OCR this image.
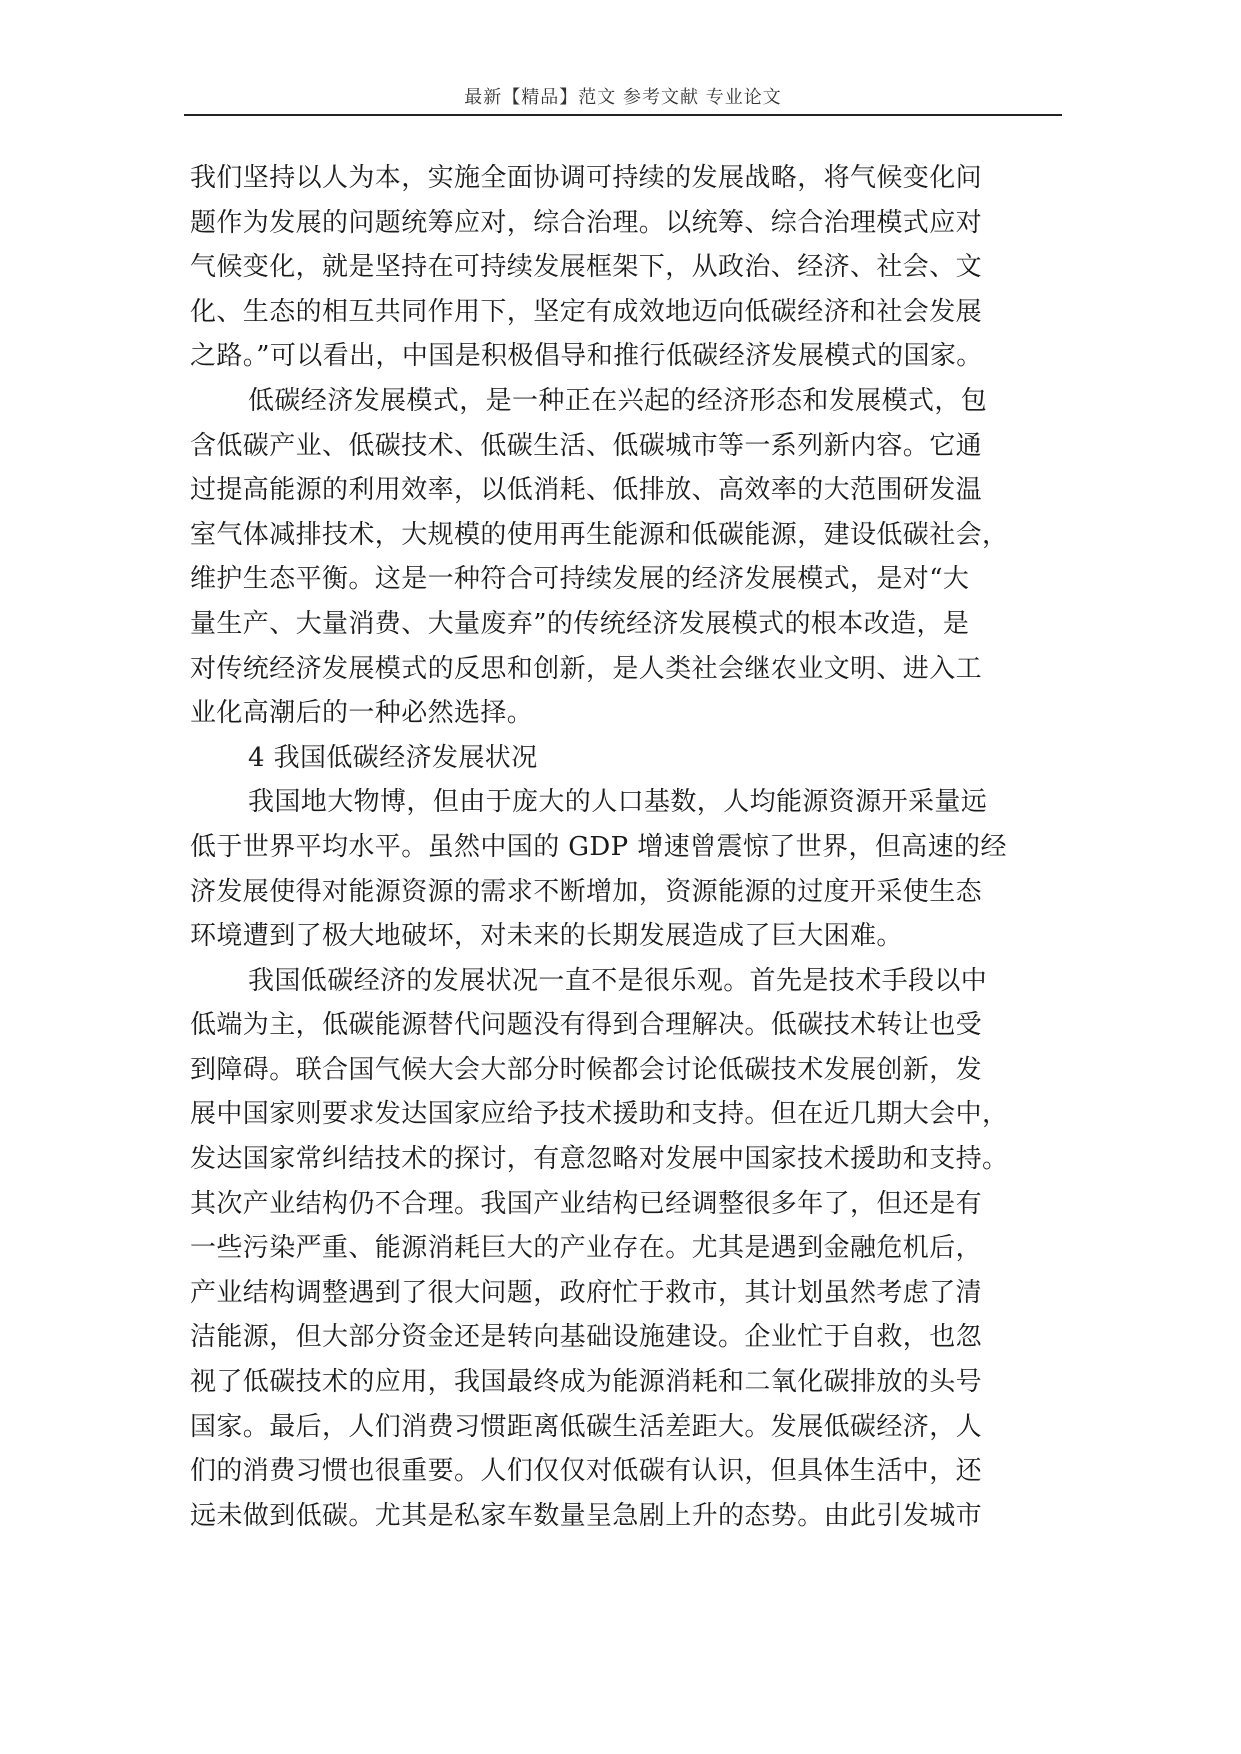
最新【精品】范文 参考文献 专业论文
我们坚持以人为本，实施全面协调可持续的发展战略，将气候变化问
题作为发展的问题统筹应对，综合治理。以统筹、综合治理模式应对
气候变化，就是坚持在可持续发展框架下，从政治、经济、社会、文
化、生态的相互共同作用下，坚定有成效地迈向低碳经济和社会发展
之路。”可以看出，中国是积极倡导和推行低碳经济发展模式的国家。
低碳经济发展模式，是一种正在兴起的经济形态和发展模式，包
含低碳产业、低碳技术、低碳生活、低碳城市等一系列新内容。它通
过提高能源的利用效率，以低消耗、低排放、高效率的大范围研发温
室气体减排技术，大规模的使用再生能源和低碳能源，建设低碳社会，
维护生态平衡。这是一种符合可持续发展的经济发展模式，是对“大
量生产、大量消费、大量废弃”的传统经济发展模式的根本改造，是
对传统经济发展模式的反思和创新，是人类社会继农业文明、进入工
业化高潮后的一种必然选择。
4 我国低碳经济发展状况
我国地大物博，但由于庞大的人口基数，人均能源资源开采量远
低于世界平均水平。虽然中国的 GDP 增速曾震惊了世界，但高速的经
济发展使得对能源资源的需求不断增加，资源能源的过度开采使生态
环境遭到了极大地破坏，对未来的长期发展造成了巨大困难。
我国低碳经济的发展状况一直不是很乐观。首先是技术手段以中
低端为主，低碳能源替代问题没有得到合理解决。低碳技术转让也受
到障碍。联合国气候大会大部分时候都会讨论低碳技术发展创新，发
展中国家则要求发达国家应给予技术援助和支持。但在近几期大会中，
发达国家常纠结技术的探讨，有意忽略对发展中国家技术援助和支持。
其次产业结构仍不合理。我国产业结构已经调整很多年了，但还是有
一些污染严重、能源消耗巨大的产业存在。尤其是遇到金融危机后，
产业结构调整遇到了很大问题，政府忙于救市，其计划虽然考虑了清
洁能源，但大部分资金还是转向基础设施建设。企业忙于自救，也忽
视了低碳技术的应用，我国最终成为能源消耗和二氧化碳排放的头号
国家。最后，人们消费习惯距离低碳生活差距大。发展低碳经济，人
们的消费习惯也很重要。人们仅仅对低碳有认识，但具体生活中，还
远未做到低碳。尤其是私家车数量呈急剧上升的态势。由此引发城市
